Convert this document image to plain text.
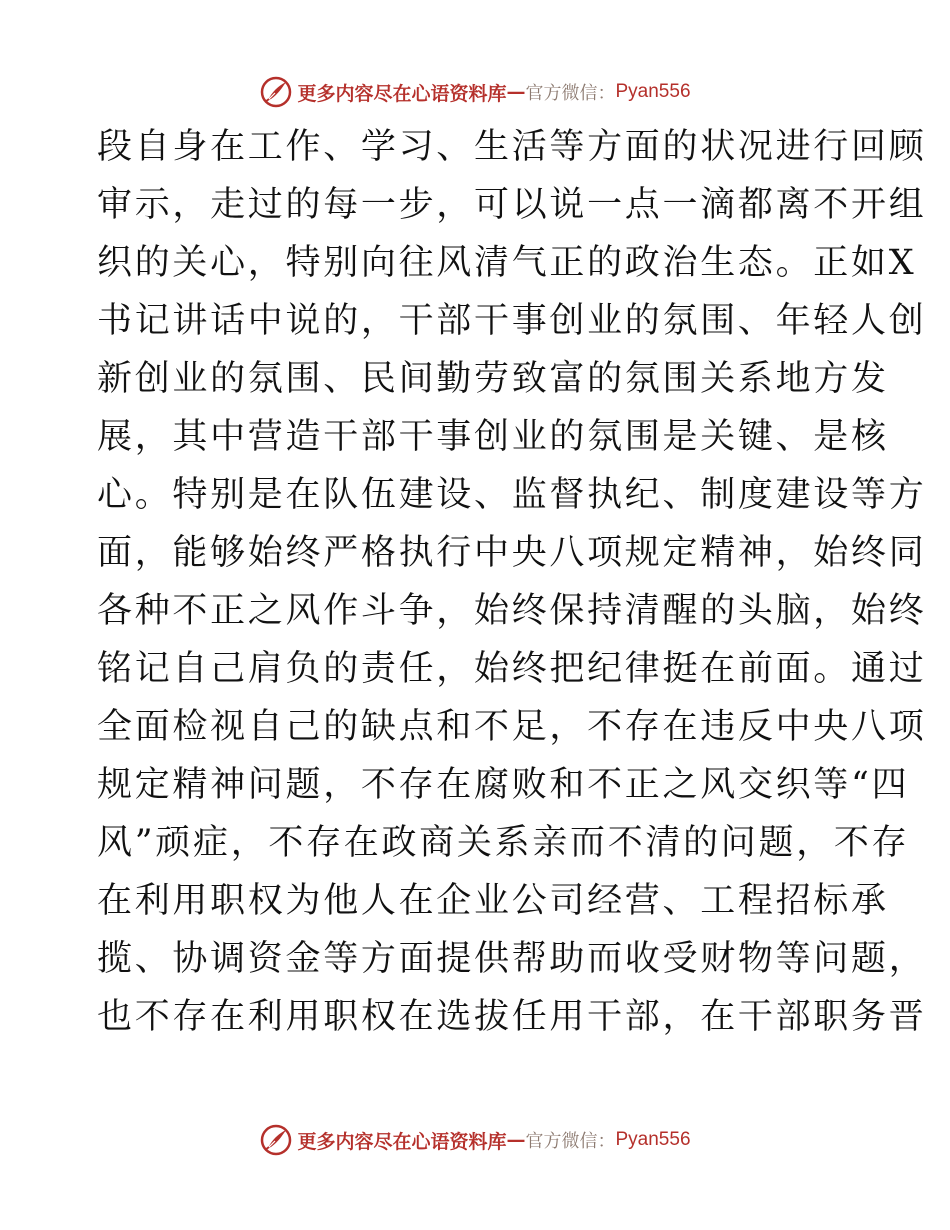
更多内容尽在心语资料库 — 官方微信： Pyan556
段自身在工作、学习、生活等方面的状况进行回顾
审示，走过的每一步，可以说一点一滴都离不开组
织的关心，特别向往风清气正的政治生态。正如X
书记讲话中说的，干部干事创业的氛围、年轻人创
新创业的氛围、民间勤劳致富的氛围关系地方发
展，其中营造干部干事创业的氛围是关键、是核
心。特别是在队伍建设、监督执纪、制度建设等方
面，能够始终严格执行中央八项规定精神，始终同
各种不正之风作斗争，始终保持清醒的头脑，始终
铭记自己肩负的责任，始终把纪律挺在前面。通过
全面检视自己的缺点和不足，不存在违反中央八项
规定精神问题，不存在腐败和不正之风交织等“四
风”顽症，不存在政商关系亲而不清的问题，不存
在利用职权为他人在企业公司经营、工程招标承
揽、协调资金等方面提供帮助而收受财物等问题，
也不存在利用职权在选拔任用干部，在干部职务晋
更多内容尽在心语资料库 — 官方微信： Pyan556
